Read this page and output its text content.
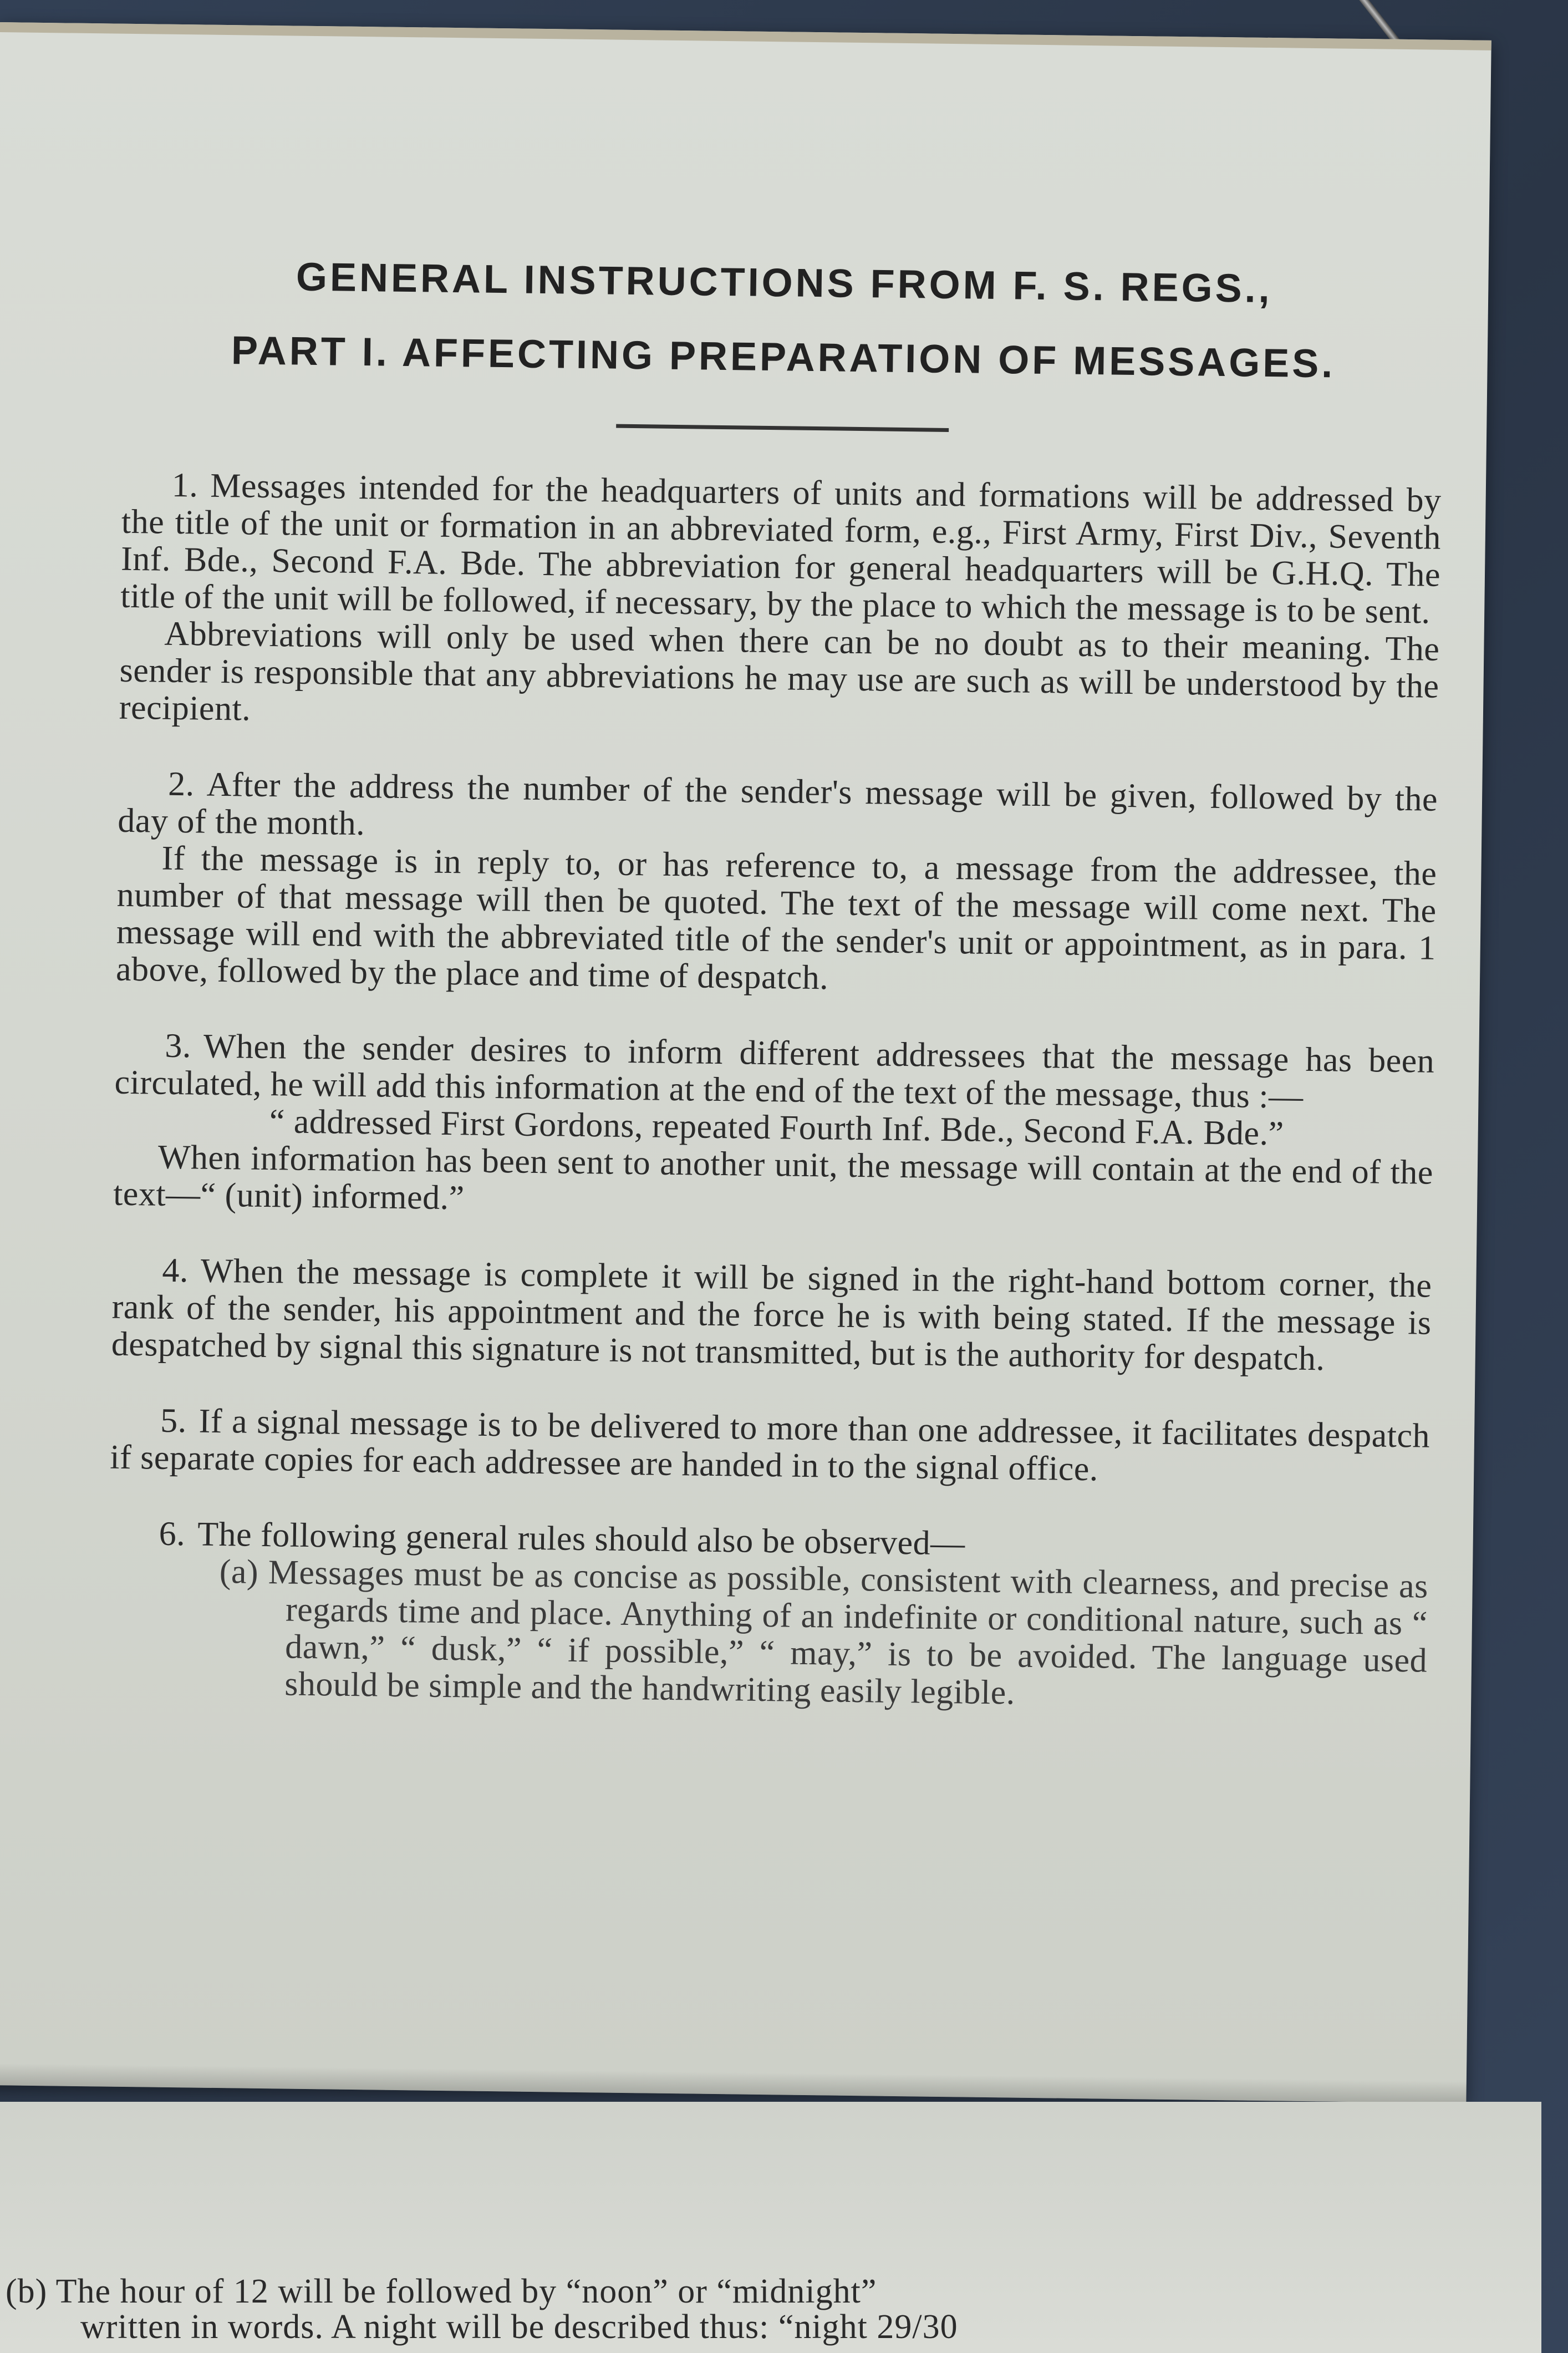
GENERAL INSTRUCTIONS FROM F. S. REGS.,
PART I. AFFECTING PREPARATION OF MESSAGES.

1. Messages intended for the headquarters of units and formations will be addressed by the title of the unit or formation in an abbreviated form, e.g., First Army, First Div., Seventh Inf. Bde., Second F.A. Bde. The abbreviation for general headquarters will be G.H.Q. The title of the unit will be followed, if necessary, by the place to which the message is to be sent.

Abbreviations will only be used when there can be no doubt as to their meaning. The sender is responsible that any abbreviations he may use are such as will be understood by the recipient.

2. After the address the number of the sender's message will be given, followed by the day of the month.

If the message is in reply to, or has reference to, a message from the addressee, the number of that message will then be quoted. The text of the message will come next. The message will end with the abbreviated title of the sender's unit or appointment, as in para. 1 above, followed by the place and time of despatch.

3. When the sender desires to inform different addressees that the message has been circulated, he will add this information at the end of the text of the message, thus :—

“ addressed First Gordons, repeated Fourth Inf. Bde., Second F.A. Bde.”

When information has been sent to another unit, the message will contain at the end of the text—“ (unit) informed.”

4. When the message is complete it will be signed in the right-hand bottom corner, the rank of the sender, his appointment and the force he is with being stated. If the message is despatched by signal this signature is not transmitted, but is the authority for despatch.

5. If a signal message is to be delivered to more than one addressee, it facilitates despatch if separate copies for each addressee are handed in to the signal office.

6. The following general rules should also be observed—

(a) Messages must be as concise as possible, consistent with clearness, and precise as regards time and place. Anything of an indefinite or conditional nature, such as “ dawn,” “ dusk,” “ if possible,” “ may,” is to be avoided. The language used should be simple and the handwriting easily legible.

(b) The hour of 12 will be followed by “noon” or “midnight”
written in words. A night will be described thus: “night 29/30
